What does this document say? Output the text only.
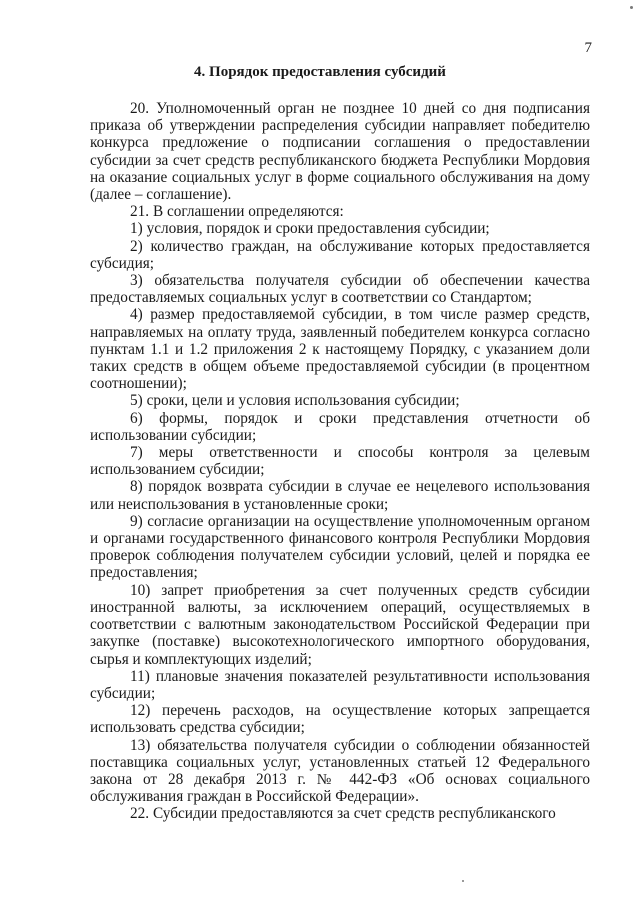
7
4. Порядок предоставления субсидий

20. Уполномоченный орган не позднее 10 дней со дня подписания приказа об утверждении распределения субсидии направляет победителю конкурса предложение о подписании соглашения о предоставлении субсидии за счет средств республиканского бюджета Республики Мордовия на оказание социальных услуг в форме социального обслуживания на дому (далее – соглашение).

21. В соглашении определяются:

1) условия, порядок и сроки предоставления субсидии;

2) количество граждан, на обслуживание которых предоставляется субсидия;

3) обязательства получателя субсидии об обеспечении качества предоставляемых социальных услуг в соответствии со Стандартом;

4) размер предоставляемой субсидии, в том числе размер средств, направляемых на оплату труда, заявленный победителем конкурса согласно пунктам 1.1 и 1.2 приложения 2 к настоящему Порядку, с указанием доли таких средств в общем объеме предоставляемой субсидии (в процентном соотношении);

5) сроки, цели и условия использования субсидии;

6) формы, порядок и сроки представления отчетности об использовании субсидии;

7) меры ответственности и способы контроля за целевым использованием субсидии;

8) порядок возврата субсидии в случае ее нецелевого использования или неиспользования в установленные сроки;

9) согласие организации на осуществление уполномоченным органом и органами государственного финансового контроля Республики Мордовия проверок соблюдения получателем субсидии условий, целей и порядка ее предоставления;

10) запрет приобретения за счет полученных средств субсидии иностранной валюты, за исключением операций, осуществляемых в соответствии с валютным законодательством Российской Федерации при закупке (поставке) высокотехнологического импортного оборудования, сырья и комплектующих изделий;

11) плановые значения показателей результативности использования субсидии;

12) перечень расходов, на осуществление которых запрещается использовать средства субсидии;

13) обязательства получателя субсидии о соблюдении обязанностей поставщика социальных услуг, установленных статьей 12 Федерального закона от 28 декабря 2013 г. № 442-ФЗ «Об основах социального обслуживания граждан в Российской Федерации».

22. Субсидии предоставляются за счет средств республиканского
